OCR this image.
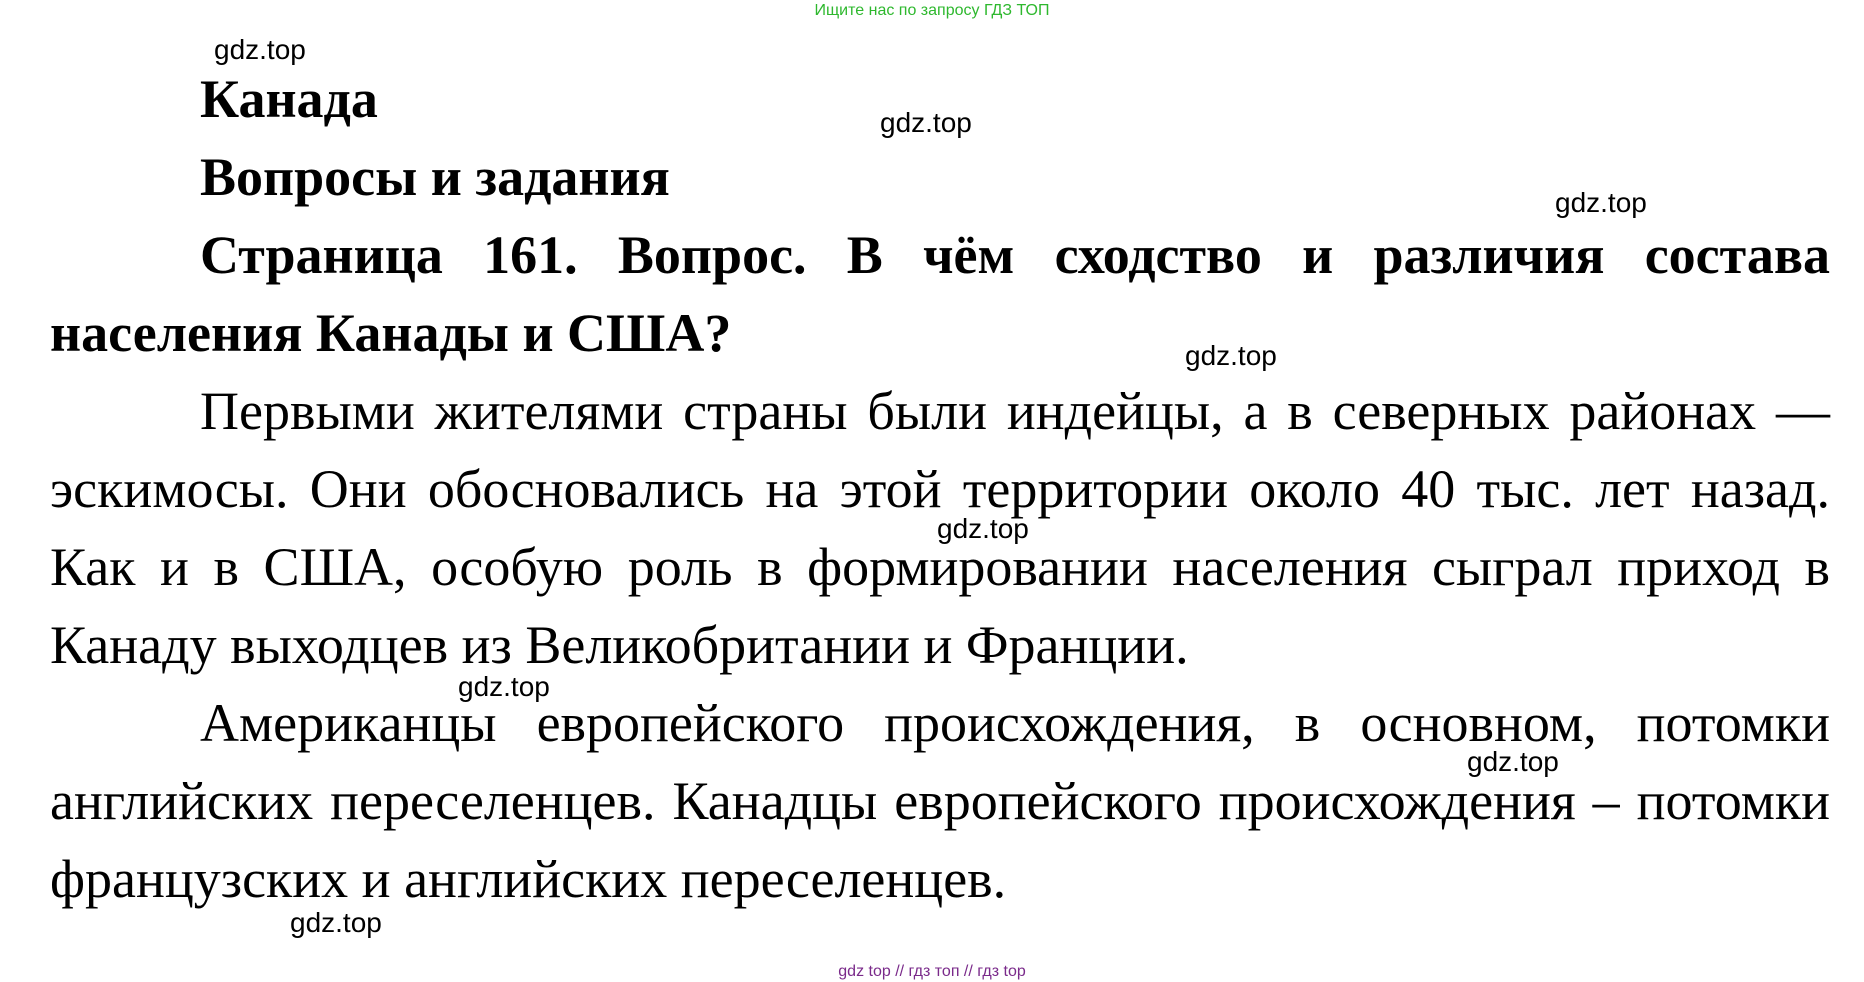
Ищите нас по запросу ГДЗ ТОП

Канада

Вопросы и задания

Страница 161. Вопрос. В чём сходство и различия состава населения Канады и США?

Первыми жителями страны были индейцы, а в северных районах — эскимосы. Они обосновались на этой территории около 40 тыс. лет назад. Как и в США, особую роль в формировании населения сыграл приход в Канаду выходцев из Великобритании и Франции.

Американцы европейского происхождения, в основном, потомки английских переселенцев. Канадцы европейского происхождения – потомки французских и английских переселенцев.

gdz.top
gdz.top
gdz.top
gdz.top
gdz.top
gdz.top
gdz.top
gdz.top
gdz top // гдз топ // гдз top
